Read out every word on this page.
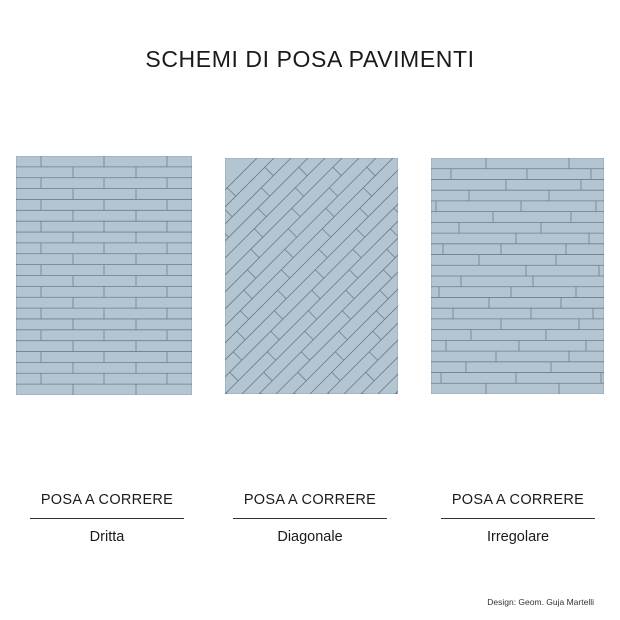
SCHEMI DI POSA PAVIMENTI
POSA A CORRERE
Dritta
POSA A CORRERE
Diagonale
POSA A CORRERE
Irregolare
Design: Geom. Guja Martelli
